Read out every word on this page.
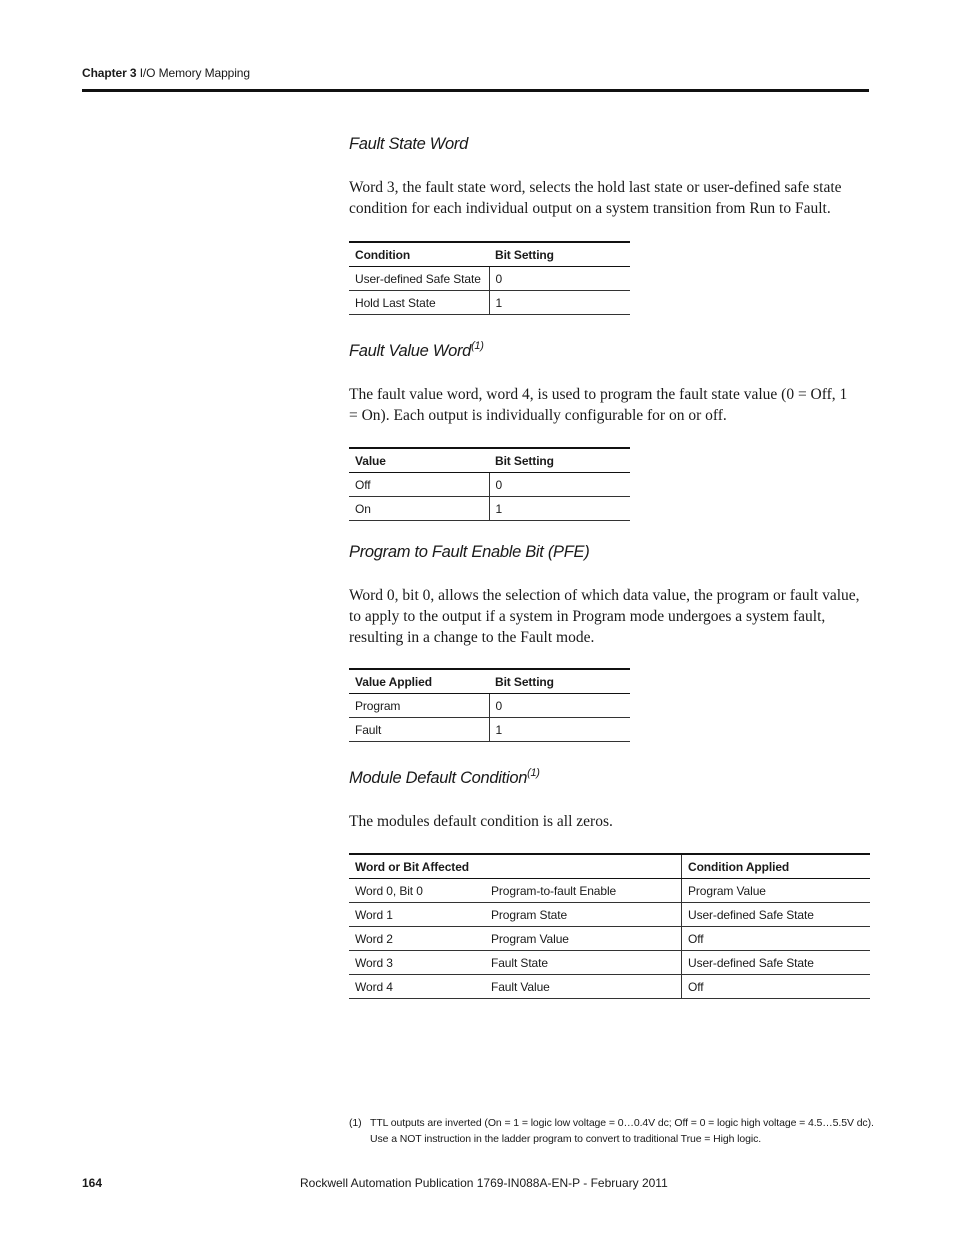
Chapter 3 I/O Memory Mapping
Fault State Word
Word 3, the fault state word, selects the hold last state or user-defined safe state condition for each individual output on a system transition from Run to Fault.
Condition	Bit Setting
User-defined Safe State	0
Hold Last State	1
Fault Value Word$^{(1)}$
The fault value word, word 4, is used to program the fault state value (0 = Off, 1 = On). Each output is individually configurable for on or off.
Value	Bit Setting
Off	0
On	1
Program to Fault Enable Bit (PFE)
Word 0, bit 0, allows the selection of which data value, the program or fault value, to apply to the output if a system in Program mode undergoes a system fault, resulting in a change to the Fault mode.
Value Applied	Bit Setting
Program	0
Fault	1
Module Default Condition$^{(1)}$
The modules default condition is all zeros.
Word or Bit Affected		Condition Applied
Word 0, Bit 0	Program-to-fault Enable	Program Value
Word 1	Program State	User-defined Safe State
Word 2	Program Value	Off
Word 3	Fault State	User-defined Safe State
Word 4	Fault Value	Off
(1) TTL outputs are inverted (On = 1 = logic low voltage = 0…0.4V dc; Off = 0 = logic high voltage = 4.5…5.5V dc).
Use a NOT instruction in the ladder program to convert to traditional True = High logic.
164	Rockwell Automation Publication 1769-IN088A-EN-P - February 2011
